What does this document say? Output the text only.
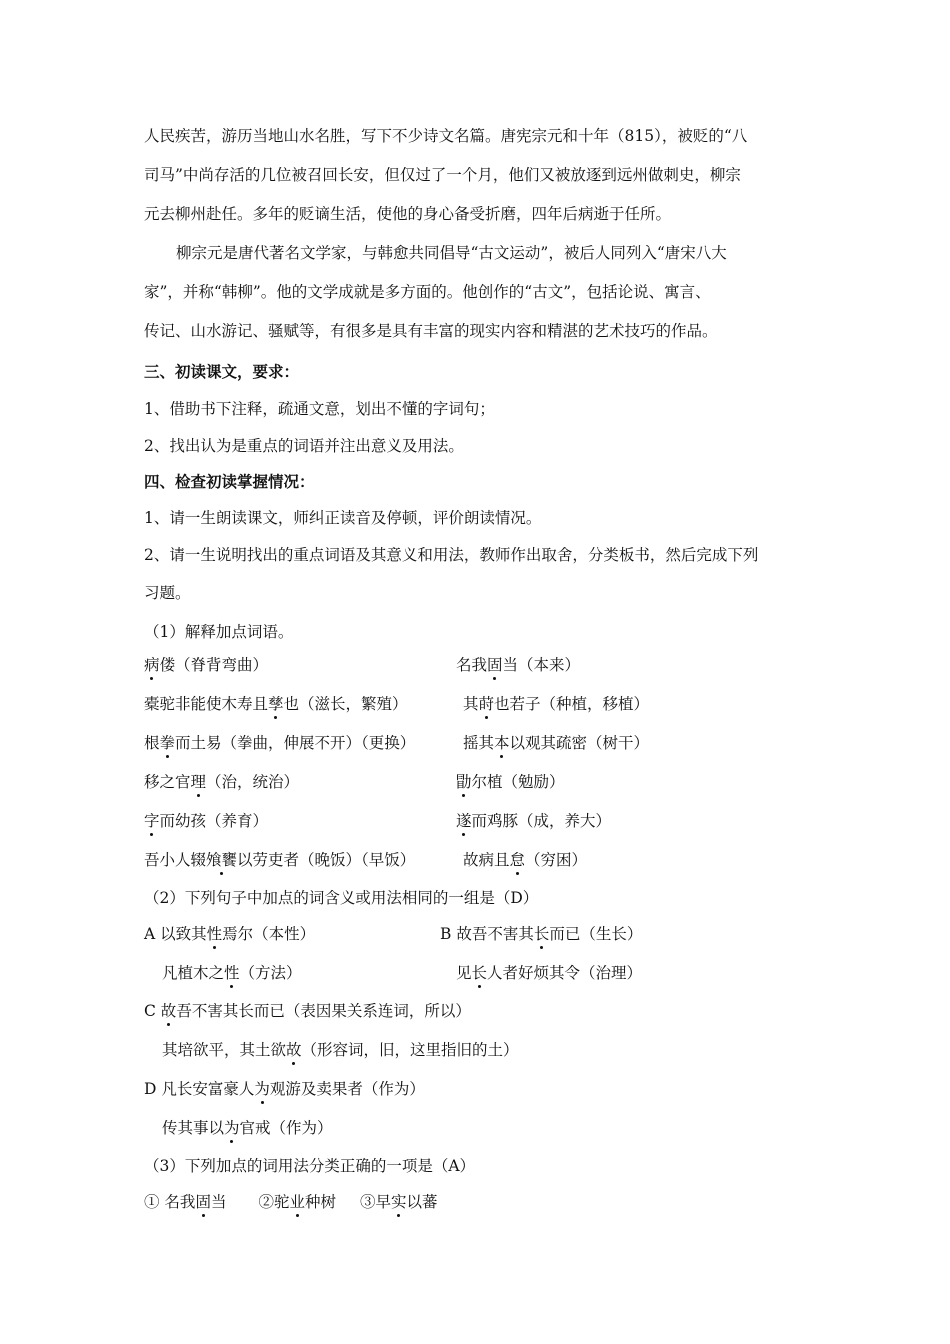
人民疾苦，游历当地山水名胜，写下不少诗文名篇。唐宪宗元和十年（815），被贬的“八
司马”中尚存活的几位被召回长安，但仅过了一个月，他们又被放逐到远州做刺史，柳宗
元去柳州赴任。多年的贬谪生活，使他的身心备受折磨，四年后病逝于任所。
柳宗元是唐代著名文学家，与韩愈共同倡导“古文运动”，被后人同列入“唐宋八大
家”，并称“韩柳”。他的文学成就是多方面的。他创作的“古文”，包括论说、寓言、
传记、山水游记、骚赋等，有很多是具有丰富的现实内容和精湛的艺术技巧的作品。
三、初读课文，要求：
1、借助书下注释，疏通文意，划出不懂的字词句；
2、找出认为是重点的词语并注出意义及用法。
四、检查初读掌握情况：
1、请一生朗读课文，师纠正读音及停顿，评价朗读情况。
2、请一生说明找出的重点词语及其意义和用法，教师作出取舍，分类板书，然后完成下列
习题。
（1）解释加点词语。
病偻（脊背弯曲）	名我固当（本来）
橐驼非能使木寿且孳也（滋长，繁殖）	其莳也若子（种植，移植）
根拳而土易（拳曲，伸展不开）（更换）	摇其本以观其疏密（树干）
移之官理（治，统治）	勖尔植（勉励）
字而幼孩（养育）	遂而鸡豚（成，养大）
吾小人辍飧饔以劳吏者（晚饭）（早饭）	故病且怠（穷困）
（2）下列句子中加点的词含义或用法相同的一组是（D）
A 以致其性焉尔（本性）	B 故吾不害其长而已（生长）
凡植木之性（方法）	见长人者好烦其令（治理）
C 故吾不害其长而已（表因果关系连词，所以）
其培欲平，其土欲故（形容词，旧，这里指旧的土）
D 凡长安富豪人为观游及卖果者（作为）
传其事以为官戒（作为）
（3）下列加点的词用法分类正确的一项是（A）
① 名我固当 ②驼业种树 ③早实以蕃
